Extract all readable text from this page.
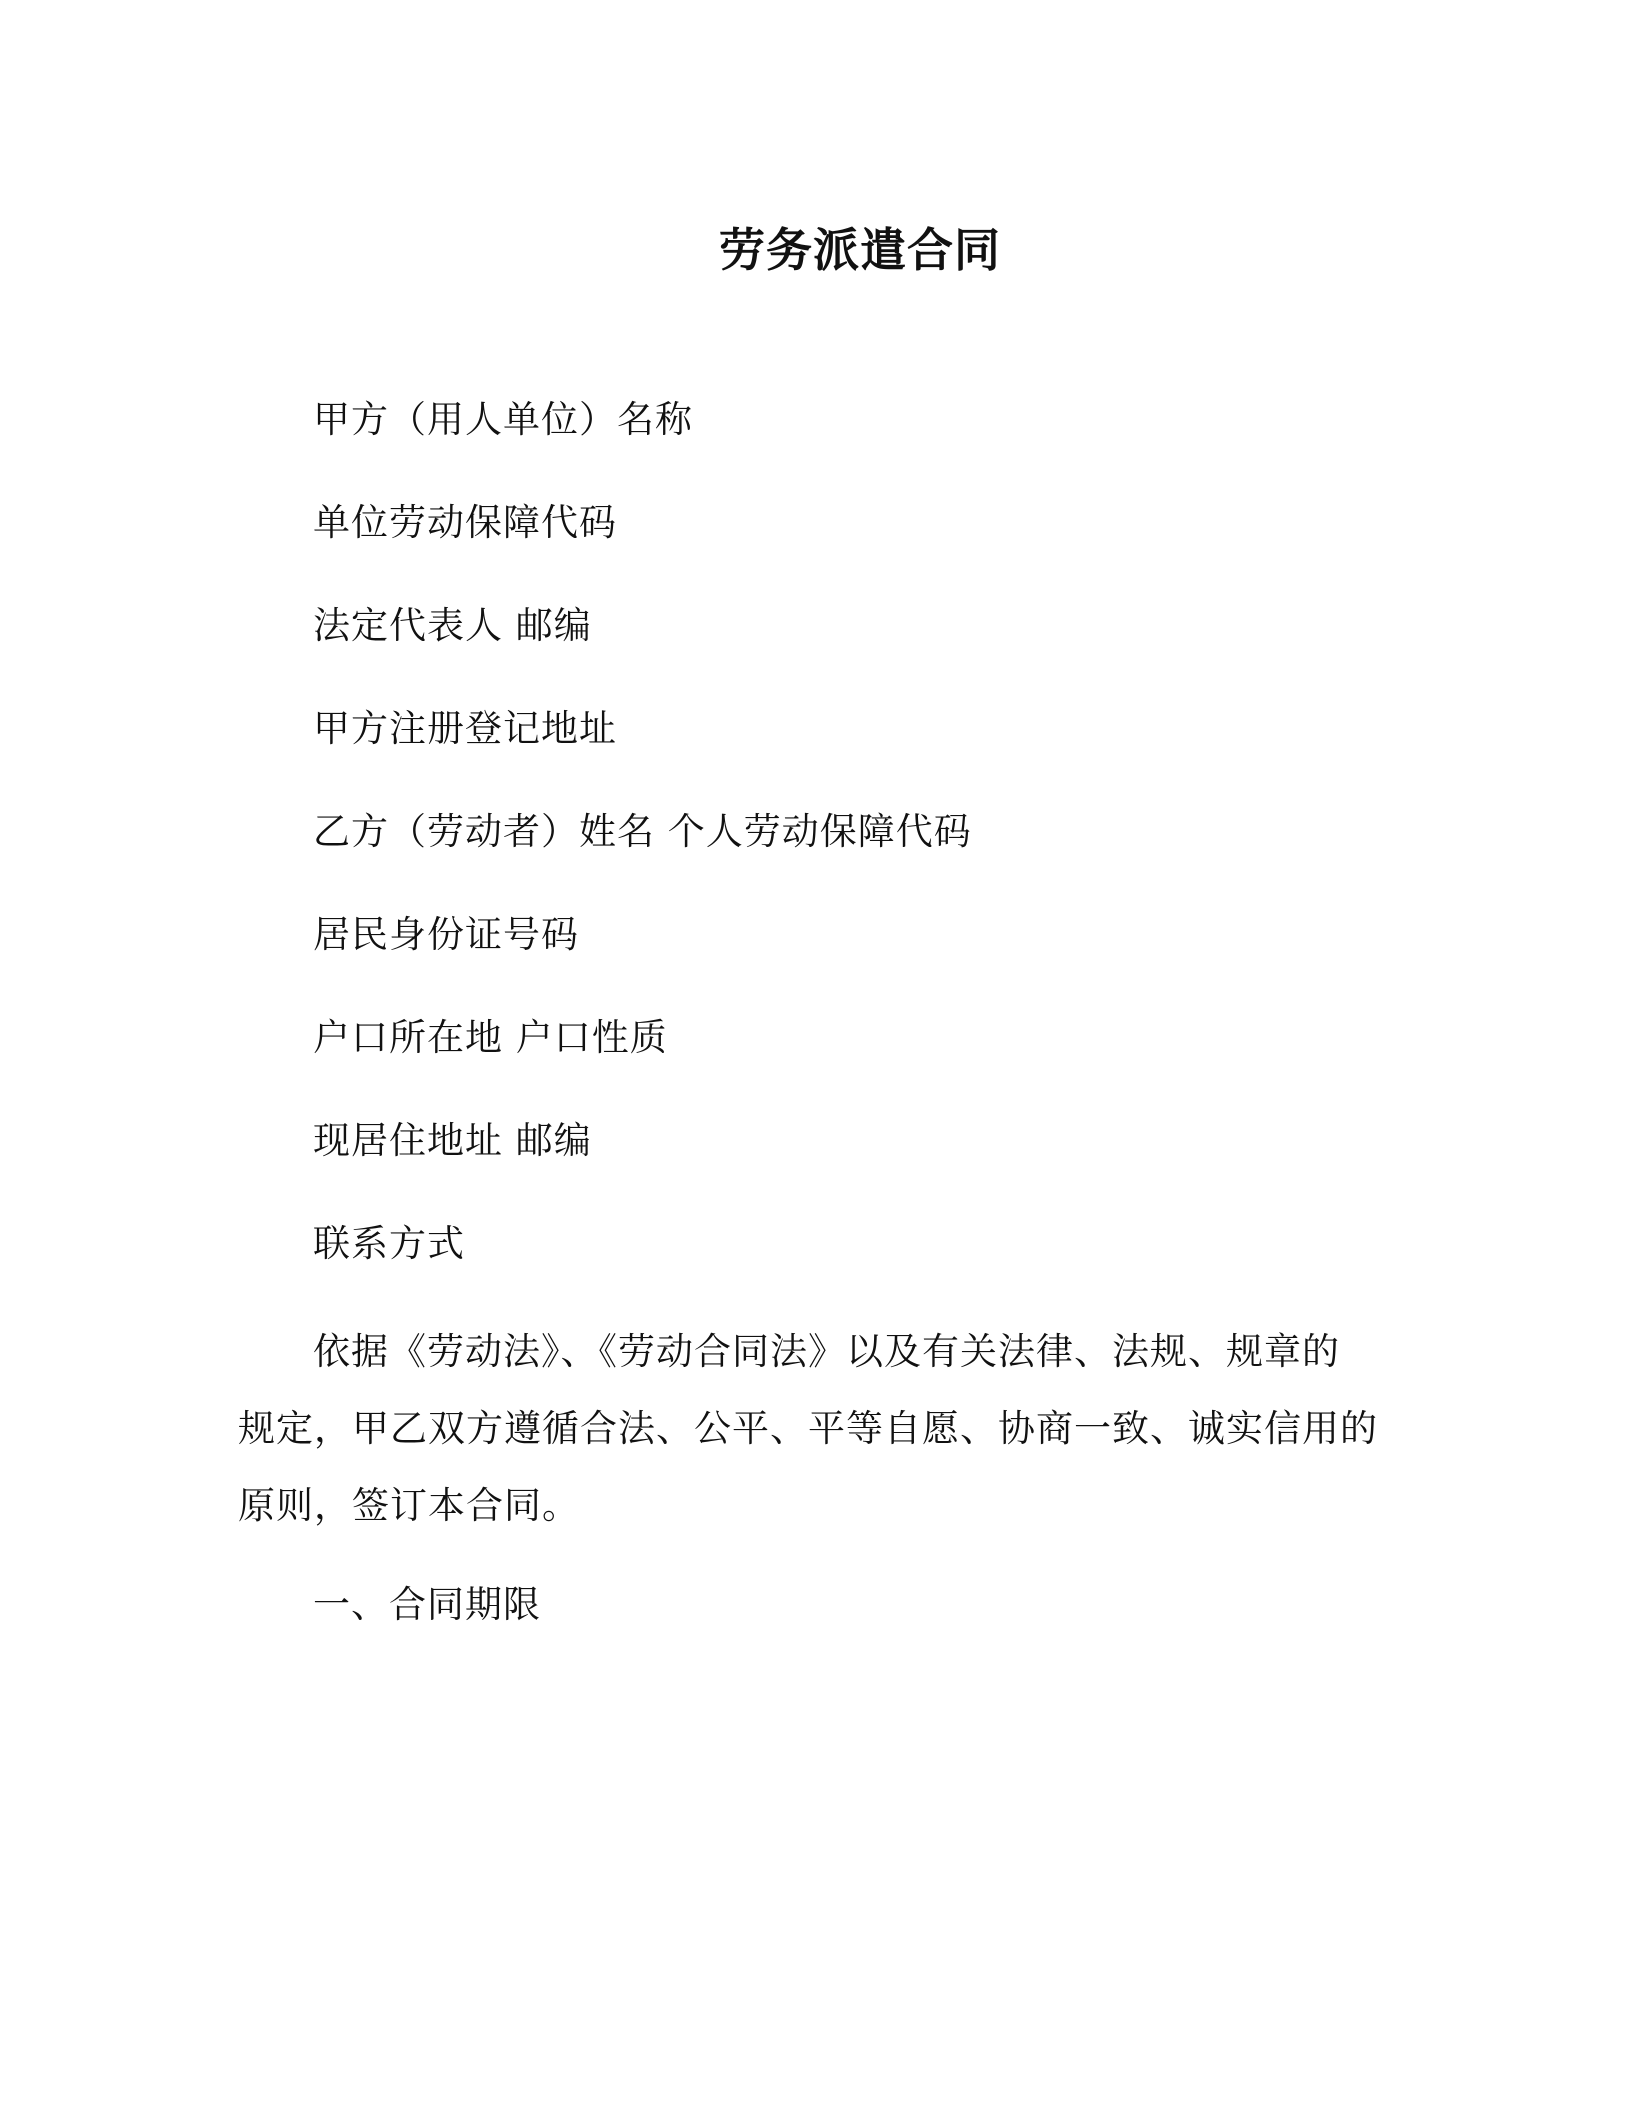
劳务派遣合同
甲方（用人单位）名称
单位劳动保障代码
法定代表人 邮编
甲方注册登记地址
乙方（劳动者）姓名 个人劳动保障代码
居民身份证号码
户口所在地 户口性质
现居住地址 邮编
联系方式
依据《劳动法》、《劳动合同法》以及有关法律、法规、规章的
规定，甲乙双方遵循合法、公平、平等自愿、协商一致、诚实信用的
原则，签订本合同。
一、合同期限
